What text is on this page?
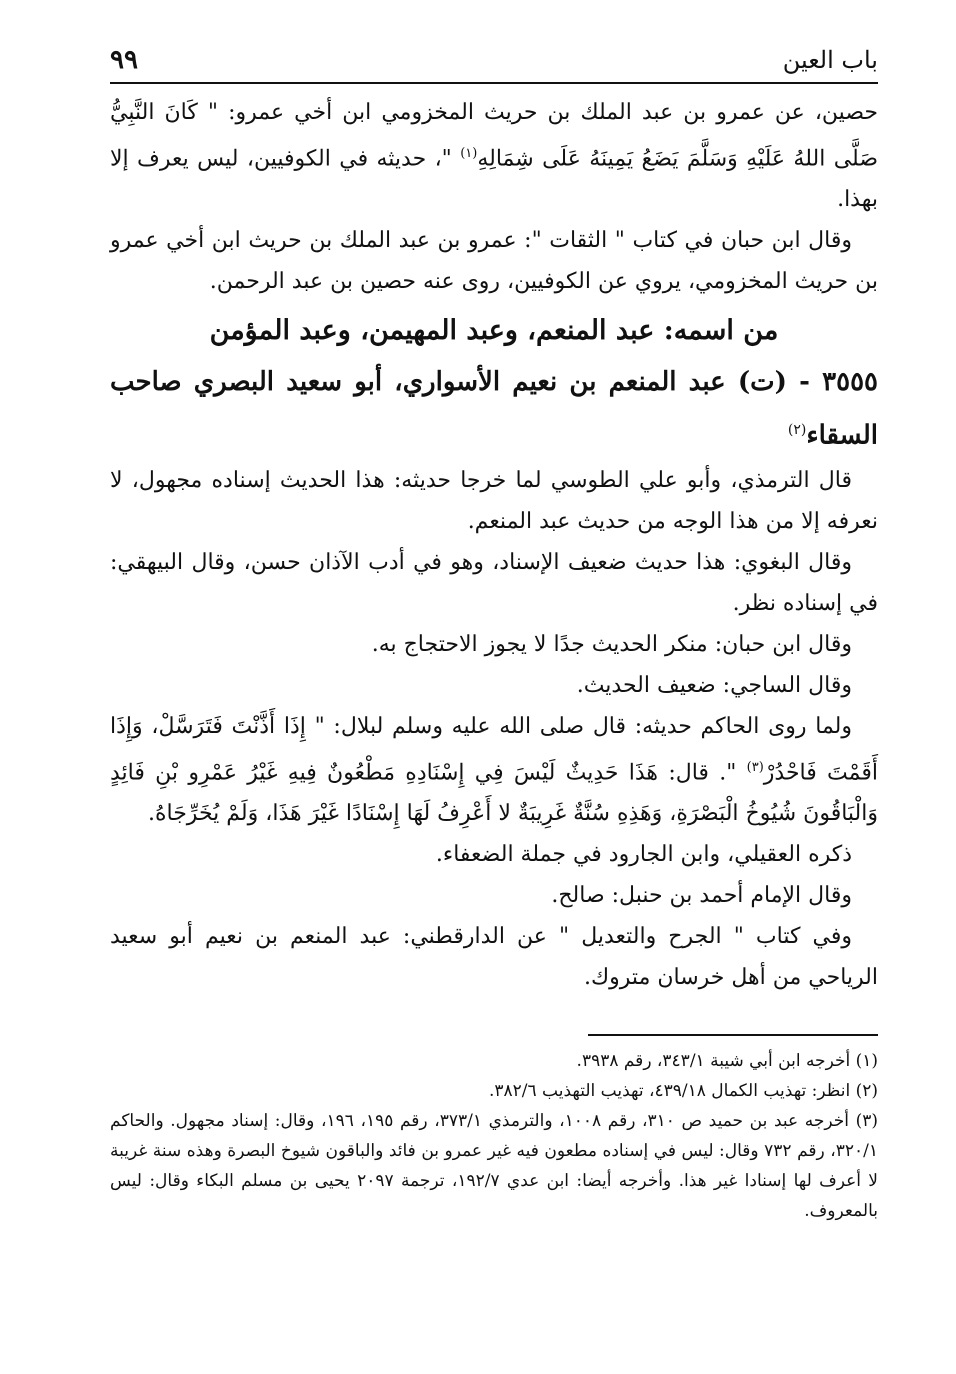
باب العين
٩٩

حصين، عن عمرو بن عبد الملك بن حريث المخزومي ابن أخي عمرو: " كَانَ النَّبِيُّ صَلَّى اللهُ عَلَيْهِ وَسَلَّمَ يَضَعُ يَمِينَهُ عَلَى شِمَالِهِ$^{(١)}$ "، حديثه في الكوفيين، ليس يعرف إلا بهذا.

وقال ابن حبان في كتاب " الثقات ": عمرو بن عبد الملك بن حريث ابن أخي عمرو بن حريث المخزومي، يروي عن الكوفيين، روى عنه حصين بن عبد الرحمن.

من اسمه: عبد المنعم، وعبد المهيمن، وعبد المؤمن
٣٥٥٥ - (ت) عبد المنعم بن نعيم الأسواري، أبو سعيد البصري صاحب السقاء$^{(٢)}$

قال الترمذي، وأبو علي الطوسي لما خرجا حديثه: هذا الحديث إسناده مجهول، لا نعرفه إلا من هذا الوجه من حديث عبد المنعم.

وقال البغوي: هذا حديث ضعيف الإسناد، وهو في أدب الآذان حسن، وقال البيهقي: في إسناده نظر.

وقال ابن حبان: منكر الحديث جدًا لا يجوز الاحتجاج به.

وقال الساجي: ضعيف الحديث.

ولما روى الحاكم حديثه: قال صلى الله عليه وسلم لبلال: " إِذَا أَذَّنْتَ فَتَرَسَّلْ، وَإِذَا أَقَمْتَ فَاحْدُرْ$^{(٣)}$ ". قال: هَذَا حَدِيثٌ لَيْسَ فِي إِسْنَادِهِ مَطْعُونٌ فِيهِ غَيْرُ عَمْرِو بْنِ فَائِدٍ وَالْبَاقُونَ شُيُوخُ الْبَصْرَةِ، وَهَذِهِ سُنَّةٌ غَرِيبَةٌ لا أَعْرِفُ لَهَا إِسْنَادًا غَيْرَ هَذَا، وَلَمْ يُخَرِّجَاهُ.

ذكره العقيلي، وابن الجارود في جملة الضعفاء.

وقال الإمام أحمد بن حنبل: صالح.

وفي كتاب " الجرح والتعديل " عن الدارقطني: عبد المنعم بن نعيم أبو سعيد الرياحي من أهل خرسان متروك.

(١) أخرجه ابن أبي شيبة ٣٤٣/١، رقم ٣٩٣٨.

(٢) انظر: تهذيب الكمال ٤٣٩/١٨، تهذيب التهذيب ٣٨٢/٦.

(٣) أخرجه عبد بن حميد ص ٣١٠، رقم ١٠٠٨، والترمذي ٣٧٣/١، رقم ١٩٥، ١٩٦، وقال: إسناد مجهول. والحاكم ٣٢٠/١، رقم ٧٣٢ وقال: ليس في إسناده مطعون فيه غير عمرو بن فائد والباقون شيوخ البصرة وهذه سنة غريبة لا أعرف لها إسنادا غير هذا. وأخرجه أيضا: ابن عدي ١٩٢/٧، ترجمة ٢٠٩٧ يحيى بن مسلم البكاء وقال: ليس بالمعروف.
